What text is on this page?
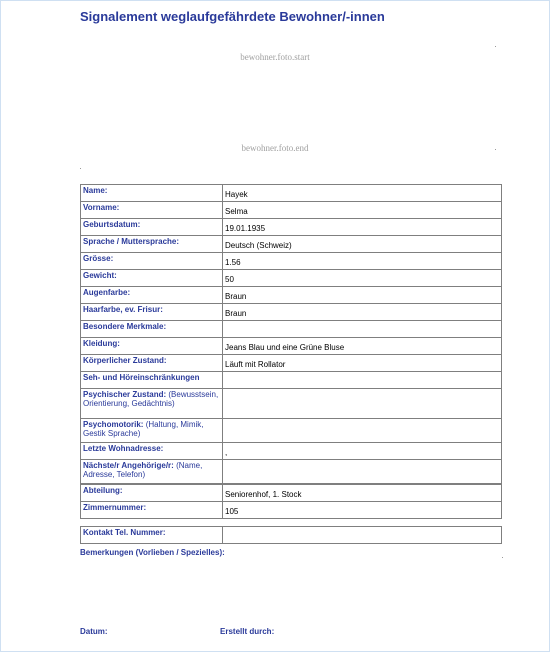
Signalement weglaufgefährdete Bewohner/-innen
bewohner.foto.start
bewohner.foto.end
Name:	Hayek
Vorname:	Selma
Geburtsdatum:	19.01.1935
Sprache / Muttersprache:	Deutsch (Schweiz)
Grösse:	1.56
Gewicht:	50
Augenfarbe:	Braun
Haarfarbe, ev. Frisur:	Braun
Besondere Merkmale:	
Kleidung:	Jeans Blau und eine Grüne Bluse
Körperlicher Zustand:	Läuft mit Rollator
Seh- und Höreinschränkungen	
Psychischer Zustand: (Bewusstsein, Orientierung, Gedächtnis)	
Psychomotorik: (Haltung, Mimik, Gestik Sprache)	
Letzte Wohnadresse:	,
Nächste/r Angehörige/r: (Name, Adresse, Telefon)	
Abteilung:	Seniorenhof, 1. Stock
Zimmernummer:	105
Kontakt Tel. Nummer:	
Bemerkungen (Vorlieben / Spezielles):
Datum:	Erstellt durch:
